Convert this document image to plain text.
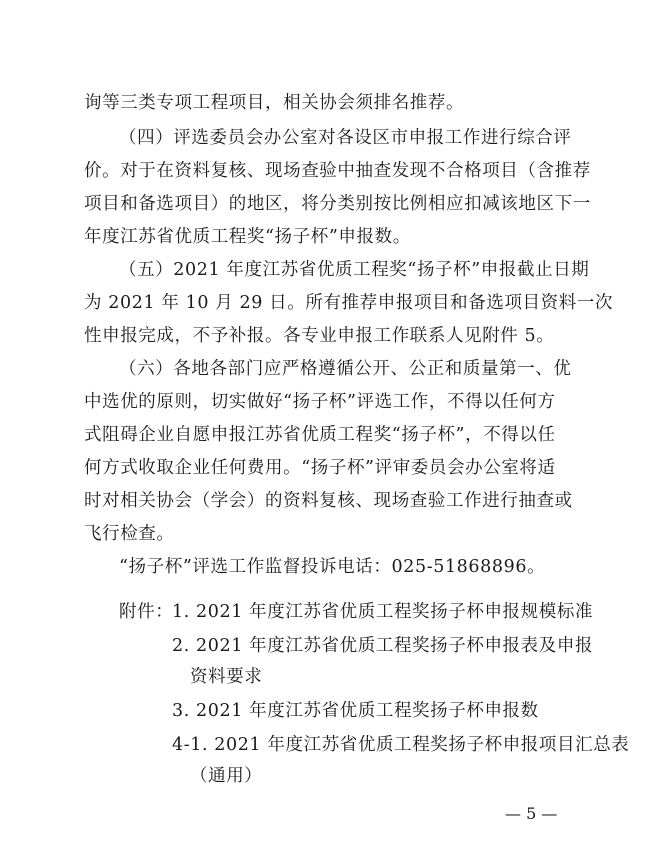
询等三类专项工程项目，相关协会须排名推荐。
（四）评选委员会办公室对各设区市申报工作进行综合评
价。对于在资料复核、现场查验中抽查发现不合格项目（含推荐
项目和备选项目）的地区，将分类别按比例相应扣减该地区下一
年度江苏省优质工程奖“扬子杯”申报数。
（五）2021 年度江苏省优质工程奖“扬子杯”申报截止日期
为 2021 年 10 月 29 日。所有推荐申报项目和备选项目资料一次
性申报完成，不予补报。各专业申报工作联系人见附件 5。
（六）各地各部门应严格遵循公开、公正和质量第一、优
中选优的原则，切实做好“扬子杯”评选工作，不得以任何方
式阻碍企业自愿申报江苏省优质工程奖“扬子杯”，不得以任
何方式收取企业任何费用。“扬子杯”评审委员会办公室将适
时对相关协会（学会）的资料复核、现场查验工作进行抽查或
飞行检查。
“扬子杯”评选工作监督投诉电话：025-51868896。
附件：
1. 2021 年度江苏省优质工程奖扬子杯申报规模标准
2. 2021 年度江苏省优质工程奖扬子杯申报表及申报
资料要求
3. 2021 年度江苏省优质工程奖扬子杯申报数
4-1. 2021 年度江苏省优质工程奖扬子杯申报项目汇总表
（通用）
— 5 —
